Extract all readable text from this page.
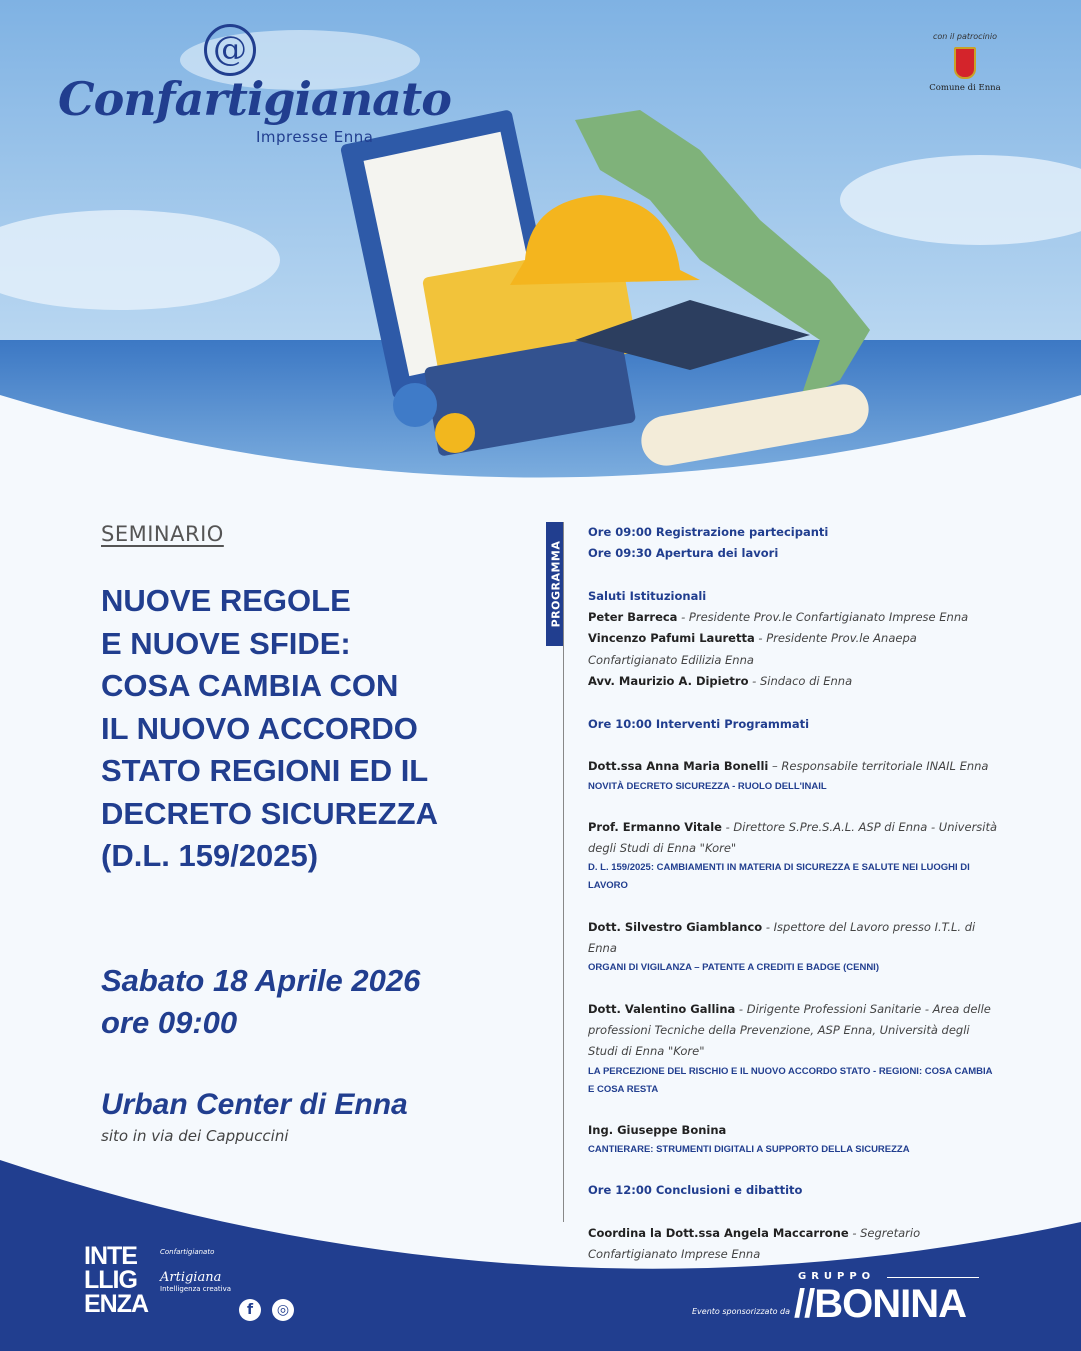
@
Confartigianato
Impresse Enna
con il patrocinio
Comune di Enna
SEMINARIO
NUOVE REGOLE
E NUOVE SFIDE:
COSA CAMBIA CON
IL NUOVO ACCORDO
STATO REGIONI ED IL
DECRETO SICUREZZA
(D.L. 159/2025)
Sabato 18 Aprile 2026
ore 09:00
Urban Center di Enna
sito in via dei Cappuccini
PROGRAMMA
Ore 09:00 Registrazione partecipanti
Ore 09:30 Apertura dei lavori
Saluti Istituzionali
Peter Barreca - Presidente Prov.le Confartigianato Imprese Enna
Vincenzo Pafumi Lauretta - Presidente Prov.le Anaepa Confartigianato Edilizia Enna
Avv. Maurizio A. Dipietro - Sindaco di Enna
Ore 10:00 Interventi Programmati
Dott.ssa Anna Maria Bonelli – Responsabile territoriale INAIL Enna
NOVITÀ DECRETO SICUREZZA - RUOLO DELL'INAIL
Prof. Ermanno Vitale - Direttore S.Pre.S.A.L. ASP di Enna - Università degli Studi di Enna "Kore"
D. L. 159/2025: CAMBIAMENTI IN MATERIA DI SICUREZZA E SALUTE NEI LUOGHI DI LAVORO
Dott. Silvestro Giamblanco - Ispettore del Lavoro presso I.T.L. di Enna
ORGANI DI VIGILANZA – PATENTE A CREDITI E BADGE (CENNI)
Dott. Valentino Gallina - Dirigente Professioni Sanitarie - Area delle professioni Tecniche della Prevenzione, ASP Enna, Università degli Studi di Enna "Kore"
LA PERCEZIONE DEL RISCHIO E IL NUOVO ACCORDO STATO - REGIONI: COSA CAMBIA E COSA RESTA
Ing. Giuseppe Bonina
CANTIERARE: STRUMENTI DIGITALI A SUPPORTO DELLA SICUREZZA
Ore 12:00 Conclusioni e dibattito
Coordina la Dott.ssa Angela Maccarrone - Segretario Confartigianato Imprese Enna
INTE
LLIG
ENZA
Confartigianato
Artigiana
Intelligenza creativa
f	◎	Evento sponsorizzato da
GRUPPO
//BONINA
